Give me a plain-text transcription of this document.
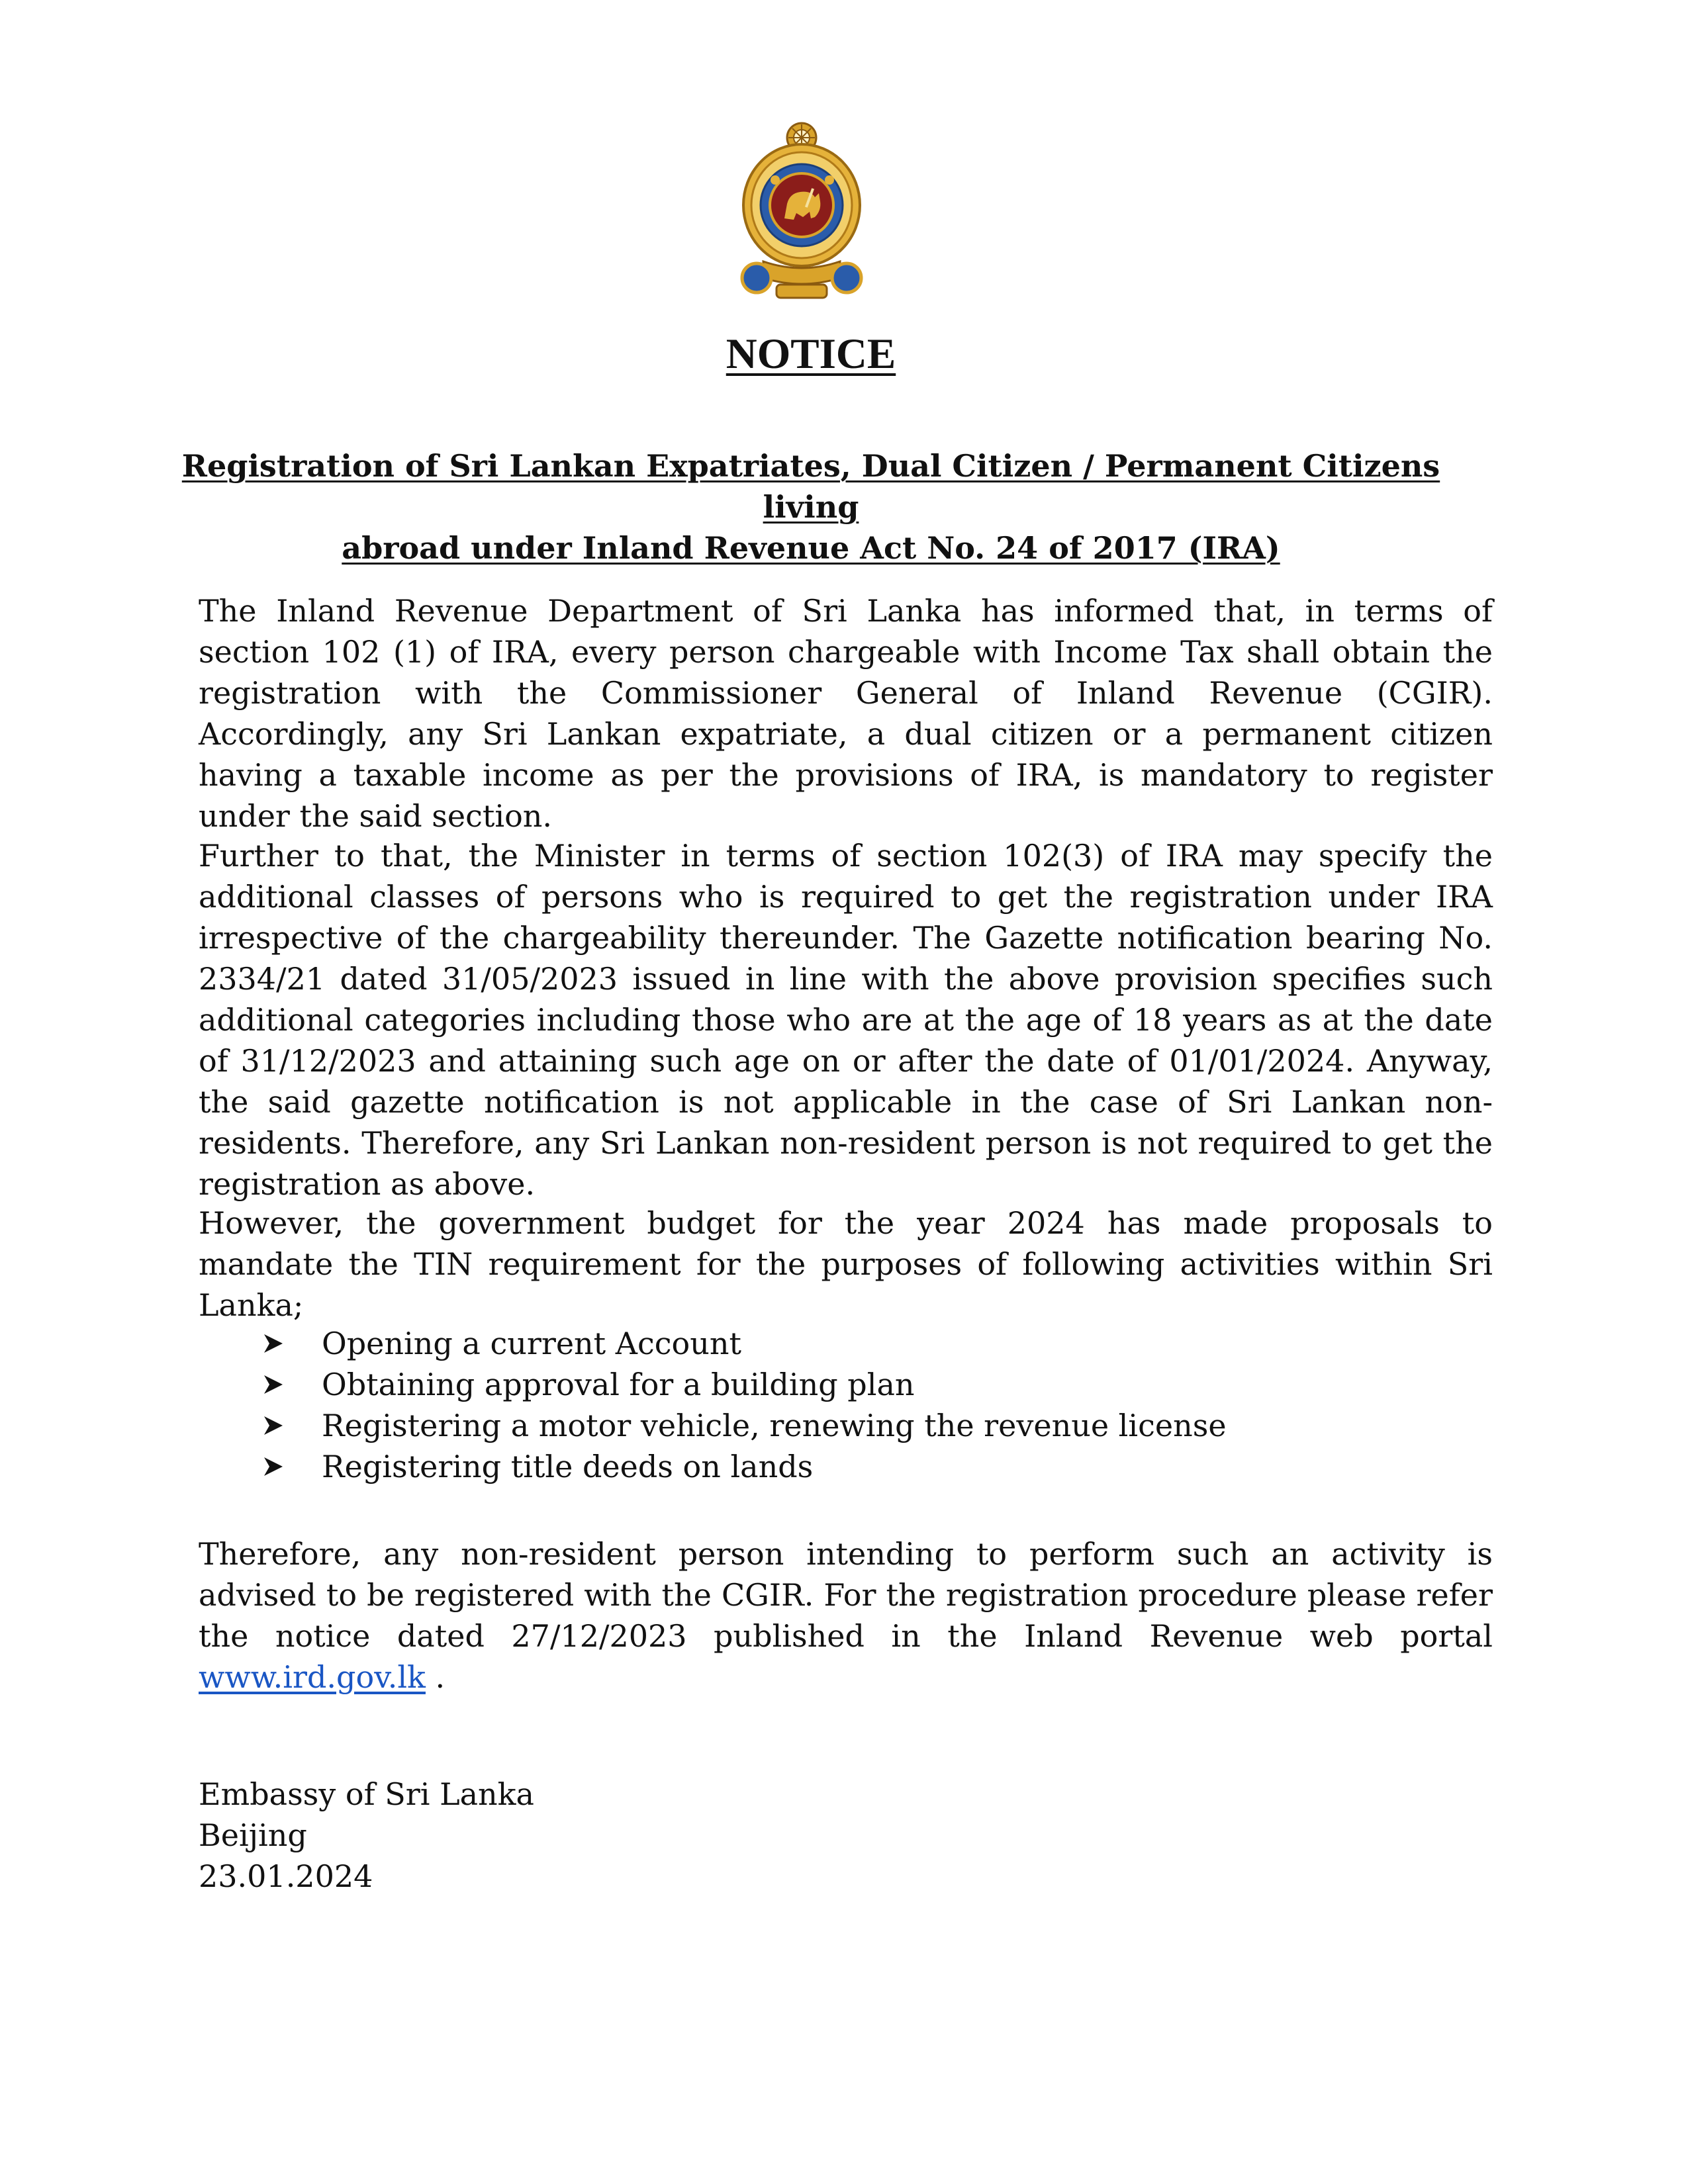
NOTICE
Registration of Sri Lankan Expatriates, Dual Citizen / Permanent Citizens living
abroad under Inland Revenue Act No. 24 of 2017 (IRA)

The Inland Revenue Department of Sri Lanka has informed that, in terms of section 102 (1) of IRA, every person chargeable with Income Tax shall obtain the registration with the Commissioner General of Inland Revenue (CGIR). Accordingly, any Sri Lankan expatriate, a dual citizen or a permanent citizen having a taxable income as per the provisions of IRA, is mandatory to register under the said section.

Further to that, the Minister in terms of section 102(3) of IRA may specify the additional classes of persons who is required to get the registration under IRA irrespective of the chargeability thereunder. The Gazette notification bearing No. 2334/21 dated 31/05/2023 issued in line with the above provision specifies such additional categories including those who are at the age of 18 years as at the date of 31/12/2023 and attaining such age on or after the date of 01/01/2024. Anyway, the said gazette notification is not applicable in the case of Sri Lankan non-residents. Therefore, any Sri Lankan non-resident person is not required to get the registration as above.

However, the government budget for the year 2024 has made proposals to mandate the TIN requirement for the purposes of following activities within Sri Lanka;

Opening a current Account
Obtaining approval for a building plan
Registering a motor vehicle, renewing the revenue license
Registering title deeds on lands

Therefore, any non-resident person intending to perform such an activity is advised to be registered with the CGIR. For the registration procedure please refer the notice dated 27/12/2023 published in the Inland Revenue web portal www.ird.gov.lk .

Embassy of Sri Lanka
Beijing
23.01.2024
